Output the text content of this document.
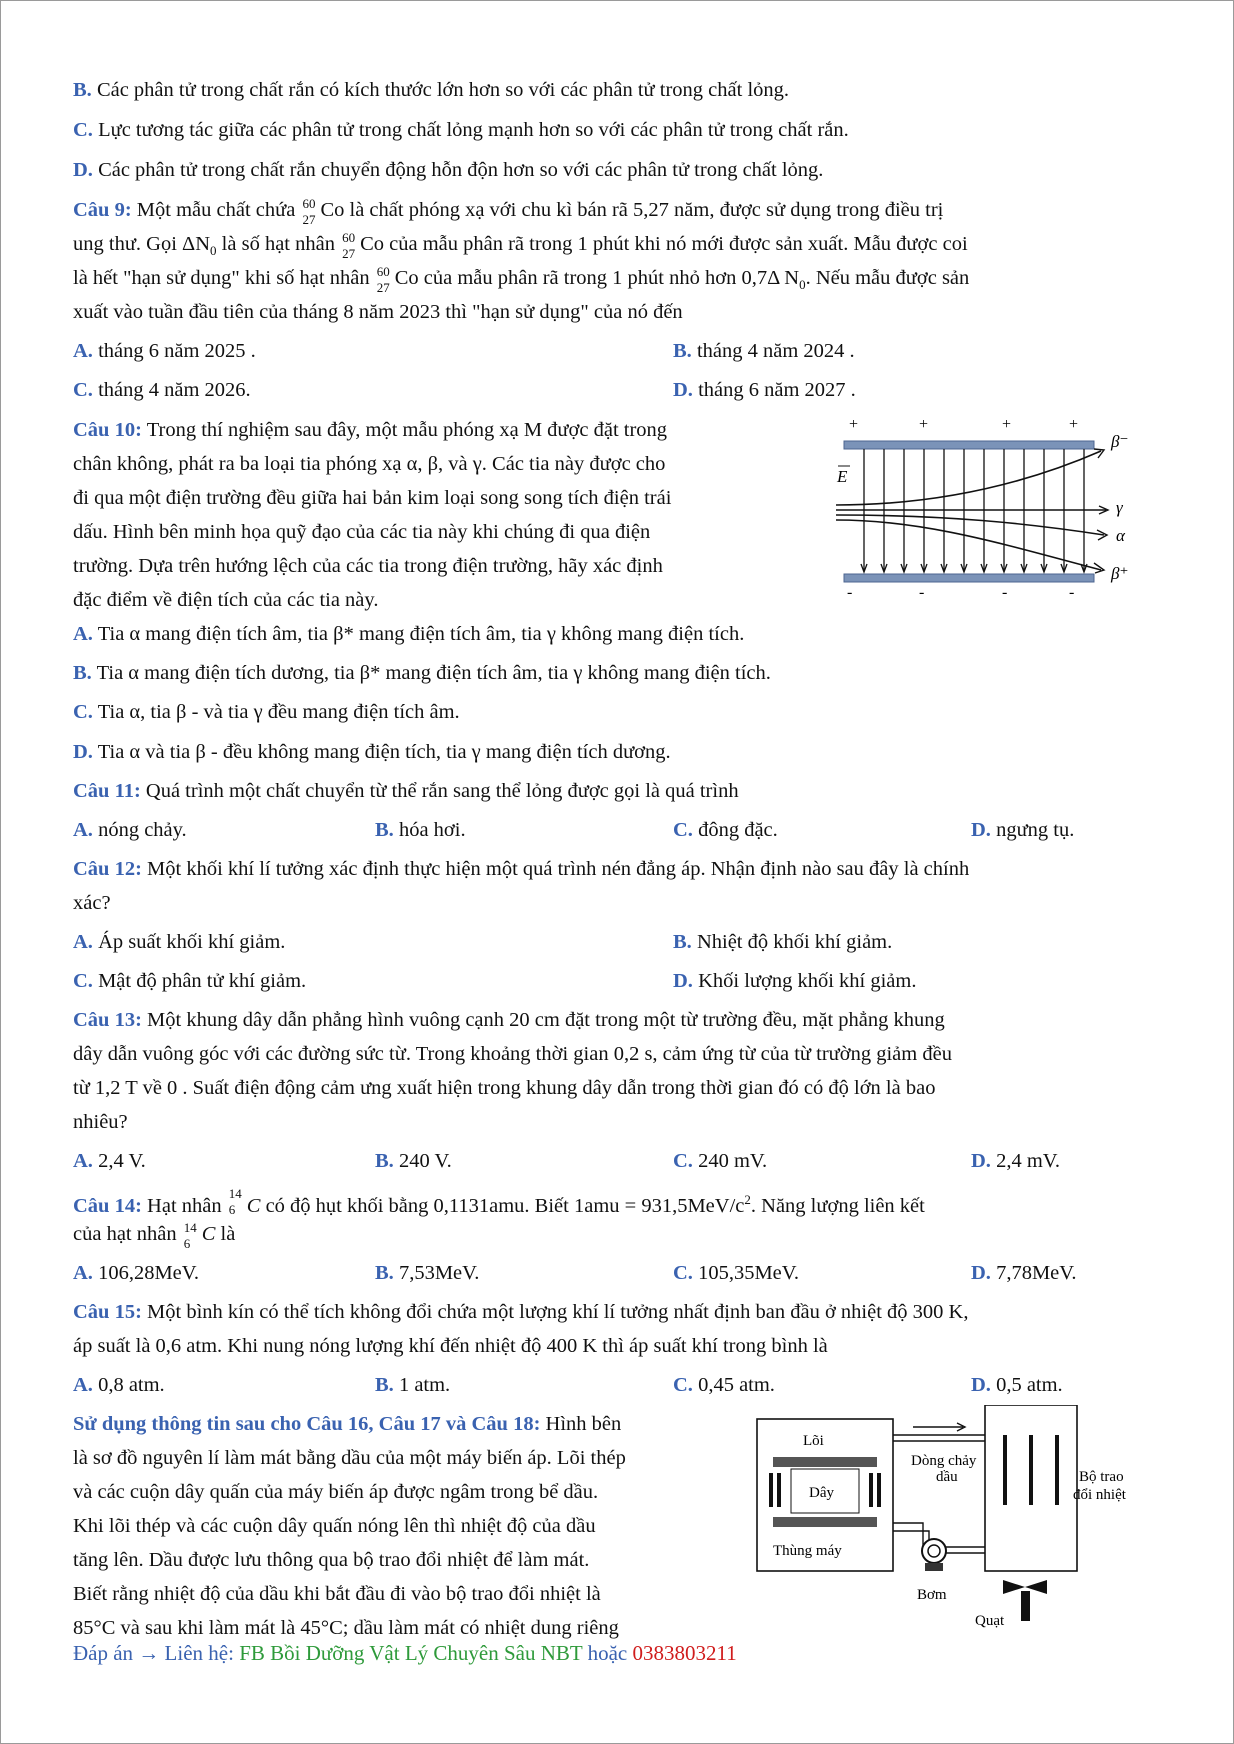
B. Các phân tử trong chất rắn có kích thước lớn hơn so với các phân tử trong chất lỏng.
C. Lực tương tác giữa các phân tử trong chất lỏng mạnh hơn so với các phân tử trong chất rắn.
D. Các phân tử trong chất rắn chuyển động hỗn độn hơn so với các phân tử trong chất lỏng.
Câu 9: Một mẫu chất chứa 60
27 Co là chất phóng xạ với chu kì bán rã 5,27 năm, được sử dụng trong điều trị
ung thư. Gọi $\Delta N_0$ là số hạt nhân 60
27 Co của mẫu phân rã trong 1 phút khi nó mới được sản xuất. Mẫu được coi
là hết "hạn sử dụng" khi số hạt nhân 60
27 Co của mẫu phân rã trong 1 phút nhỏ hơn 0,7Δ $N_0$. Nếu mẫu được sản
xuất vào tuần đầu tiên của tháng 8 năm 2023 thì "hạn sử dụng" của nó đến
A. tháng 6 năm 2025 .	B. tháng 4 năm 2024 .
C. tháng 4 năm 2026.	D. tháng 6 năm 2027 .
Câu 10: Trong thí nghiệm sau đây, một mẫu phóng xạ M được đặt trong
chân không, phát ra ba loại tia phóng xạ α, β, và γ. Các tia này được cho
đi qua một điện trường đều giữa hai bản kim loại song song tích điện trái
dấu. Hình bên minh họa quỹ đạo của các tia này khi chúng đi qua điện
trường. Dựa trên hướng lệch của các tia trong điện trường, hãy xác định
đặc điểm về điện tích của các tia này.
+	+	+	+
-	-	-	-
E
β⁻
γ
α
β⁺
A. Tia α mang điện tích âm, tia β* mang điện tích âm, tia γ không mang điện tích.
B. Tia α mang điện tích dương, tia β* mang điện tích âm, tia γ không mang điện tích.
C. Tia α, tia β - và tia γ đều mang điện tích âm.
D. Tia α và tia β - đều không mang điện tích, tia γ mang điện tích dương.
Câu 11: Quá trình một chất chuyển từ thể rắn sang thể lỏng được gọi là quá trình
A. nóng chảy.	B. hóa hơi.	C. đông đặc.	D. ngưng tụ.
Câu 12: Một khối khí lí tưởng xác định thực hiện một quá trình nén đẳng áp. Nhận định nào sau đây là chính
xác?
A. Áp suất khối khí giảm.	B. Nhiệt độ khối khí giảm.
C. Mật độ phân tử khí giảm.	D. Khối lượng khối khí giảm.
Câu 13: Một khung dây dẫn phẳng hình vuông cạnh 20 cm đặt trong một từ trường đều, mặt phẳng khung
dây dẫn vuông góc với các đường sức từ. Trong khoảng thời gian 0,2 s, cảm ứng từ của từ trường giảm đều
từ 1,2 T về 0 . Suất điện động cảm ưng xuất hiện trong khung dây dẫn trong thời gian đó có độ lớn là bao
nhiêu?
A. 2,4 V.	B. 240 V.	C. 240 mV.	D. 2,4 mV.
Câu 14: Hạt nhân
14
6 C có độ hụt khối bằng 0,1131amu. Biết $1amu = 931,5MeV/c^2$. Năng lượng liên kết
của hạt nhân 14
6 C là
A. 106,28MeV.	B. 7,53MeV.	C. 105,35MeV.	D. 7,78MeV.
Câu 15: Một bình kín có thể tích không đổi chứa một lượng khí lí tưởng nhất định ban đầu ở nhiệt độ 300 K,
áp suất là 0,6 atm. Khi nung nóng lượng khí đến nhiệt độ 400 K thì áp suất khí trong bình là
A. 0,8 atm.	B. 1 atm.	C. 0,45 atm.	D. 0,5 atm.
Sử dụng thông tin sau cho Câu 16, Câu 17 và Câu 18: Hình bên
là sơ đồ nguyên lí làm mát bằng dầu của một máy biến áp. Lõi thép
và các cuộn dây quấn của máy biến áp được ngâm trong bể dầu.
Khi lõi thép và các cuộn dây quấn nóng lên thì nhiệt độ của dầu
tăng lên. Dầu được lưu thông qua bộ trao đổi nhiệt để làm mát.
Biết rằng nhiệt độ của dầu khi bắt đầu đi vào bộ trao đổi nhiệt là
85°C và sau khi làm mát là 45°C; dầu làm mát có nhiệt dung riêng
Lõi
Dây
Thùng máy
Bộ trao
đổi nhiệt
Dòng chảy
dầu
Bơm
Quạt
Đáp án → Liên hệ: FB Bồi Dưỡng Vật Lý Chuyên Sâu NBT hoặc 0383803211
